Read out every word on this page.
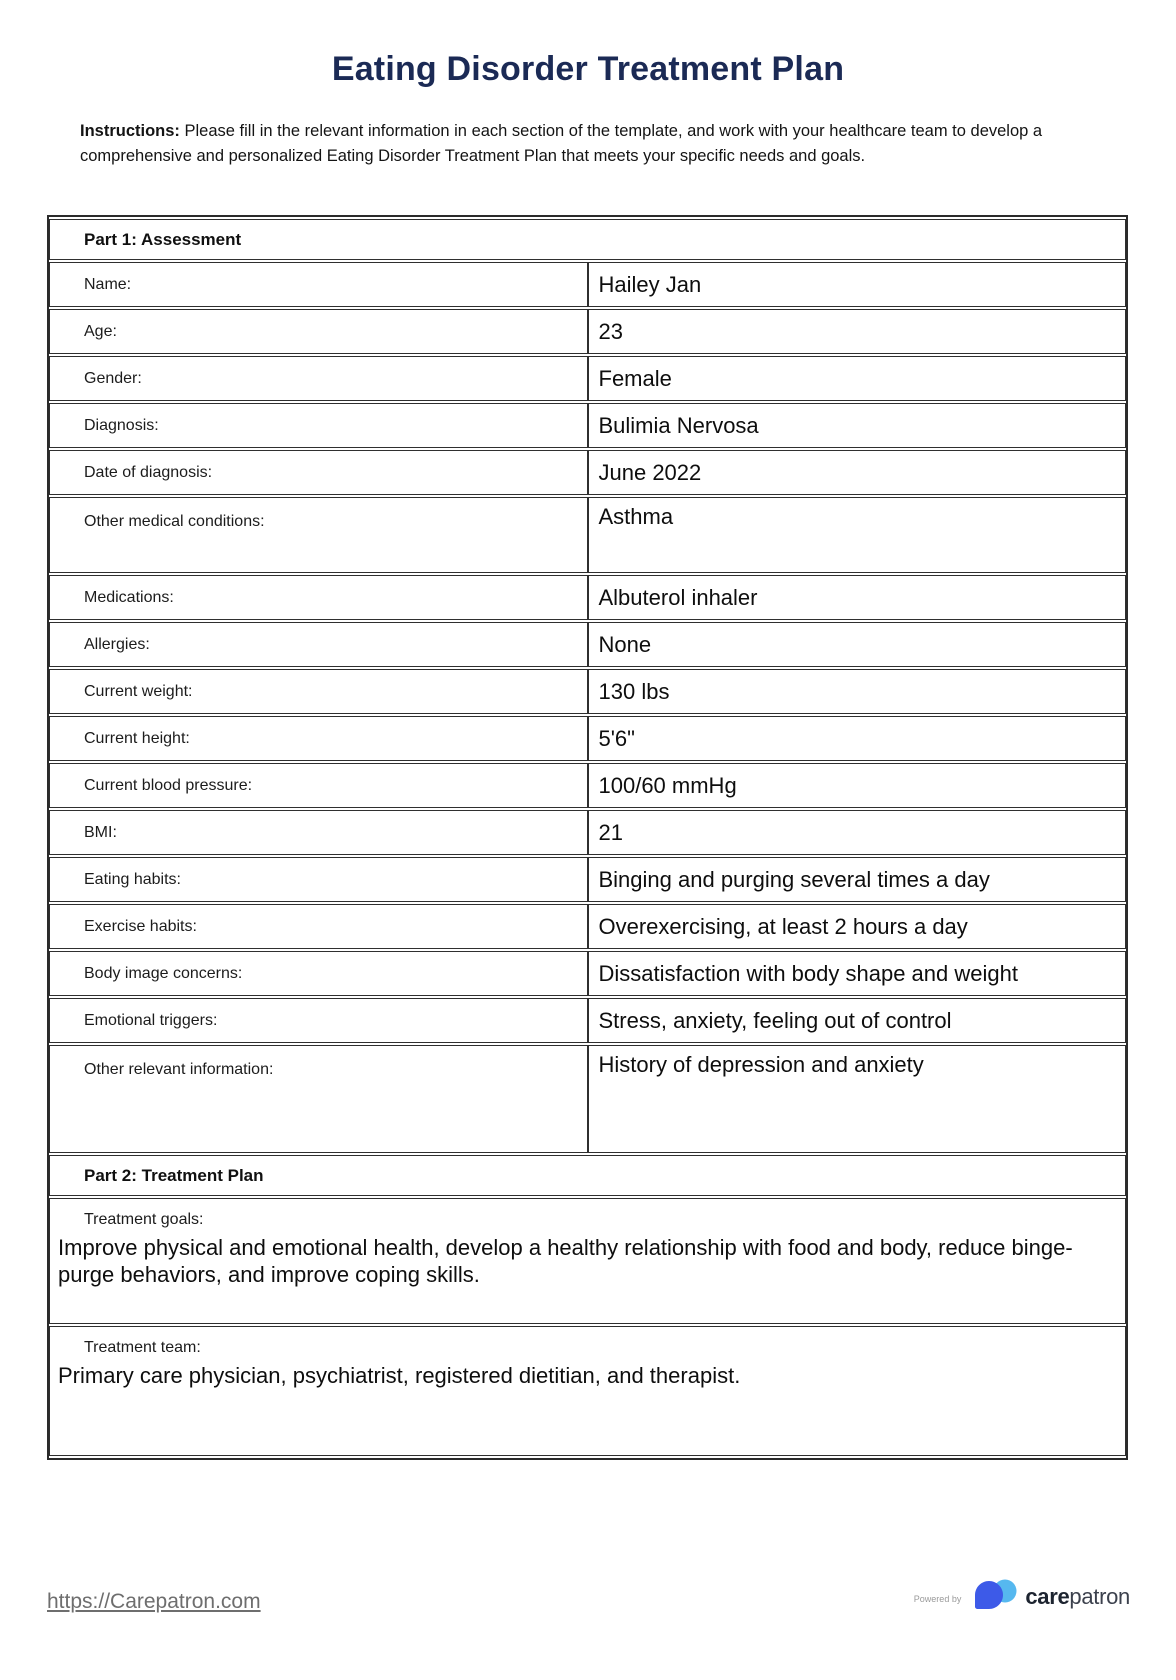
Eating Disorder Treatment Plan

Instructions: Please fill in the relevant information in each section of the template, and work with your healthcare team to develop a comprehensive and personalized Eating Disorder Treatment Plan that meets your specific needs and goals.

Part 1: Assessment	
Name:	Hailey Jan
Age:	23
Gender:	Female
Diagnosis:	Bulimia Nervosa
Date of diagnosis:	June 2022
Other medical conditions:	Asthma
Medications:	Albuterol inhaler
Allergies:	None
Current weight:	130 lbs
Current height:	5'6"
Current blood pressure:	100/60 mmHg
BMI:	21
Eating habits:	Binging and purging several times a day
Exercise habits:	Overexercising, at least 2 hours a day
Body image concerns:	Dissatisfaction with body shape and weight
Emotional triggers:	Stress, anxiety, feeling out of control
Other relevant information:	History of depression and anxiety
Part 2: Treatment Plan	

Treatment goals:
Improve physical and emotional health, develop a healthy relationship with food and body, reduce binge-purge behaviors, and improve coping skills.	

Treatment team:
Primary care physician, psychiatrist, registered dietitian, and therapist.	
https://Carepatron.com	Powered by	carepatron
